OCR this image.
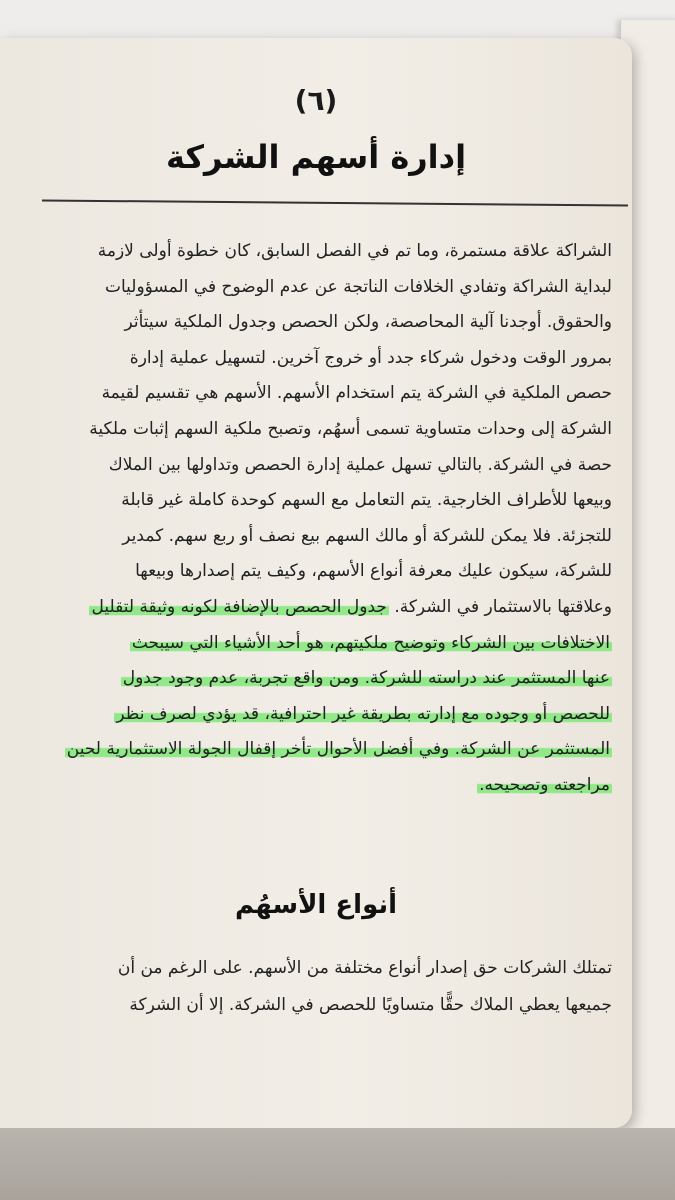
(٦)
إدارة أسهم الشركة
الشراكة علاقة مستمرة، وما تم في الفصل السابق، كان خطوة أولى لازمة
لبداية الشراكة وتفادي الخلافات الناتجة عن عدم الوضوح في المسؤوليات
والحقوق. أوجدنا آلية المحاصصة، ولكن الحصص وجدول الملكية سيتأثر
بمرور الوقت ودخول شركاء جدد أو خروج آخرين. لتسهيل عملية إدارة
حصص الملكية في الشركة يتم استخدام الأسهم. الأسهم هي تقسيم لقيمة
الشركة إلى وحدات متساوية تسمى أسهُم، وتصبح ملكية السهم إثبات ملكية
حصة في الشركة. بالتالي تسهل عملية إدارة الحصص وتداولها بين الملاك
وبيعها للأطراف الخارجية. يتم التعامل مع السهم كوحدة كاملة غير قابلة
للتجزئة. فلا يمكن للشركة أو مالك السهم بيع نصف أو ربع سهم. كمدير
للشركة، سيكون عليك معرفة أنواع الأسهم، وكيف يتم إصدارها وبيعها
وعلاقتها بالاستثمار في الشركة. جدول الحصص بالإضافة لكونه وثيقة لتقليل
الاختلافات بين الشركاء وتوضيح ملكيتهم، هو أحد الأشياء التي سيبحث
عنها المستثمر عند دراسته للشركة. ومن واقع تجربة، عدم وجود جدول
للحصص أو وجوده مع إدارته بطريقة غير احترافية، قد يؤدي لصرف نظر
المستثمر عن الشركة. وفي أفضل الأحوال تأخر إقفال الجولة الاستثمارية لحين
مراجعته وتصحيحه.
أنواع الأسهُم
تمتلك الشركات حق إصدار أنواع مختلفة من الأسهم. على الرغم من أن
جميعها يعطي الملاك حقًّا متساويًا للحصص في الشركة. إلا أن الشركة
